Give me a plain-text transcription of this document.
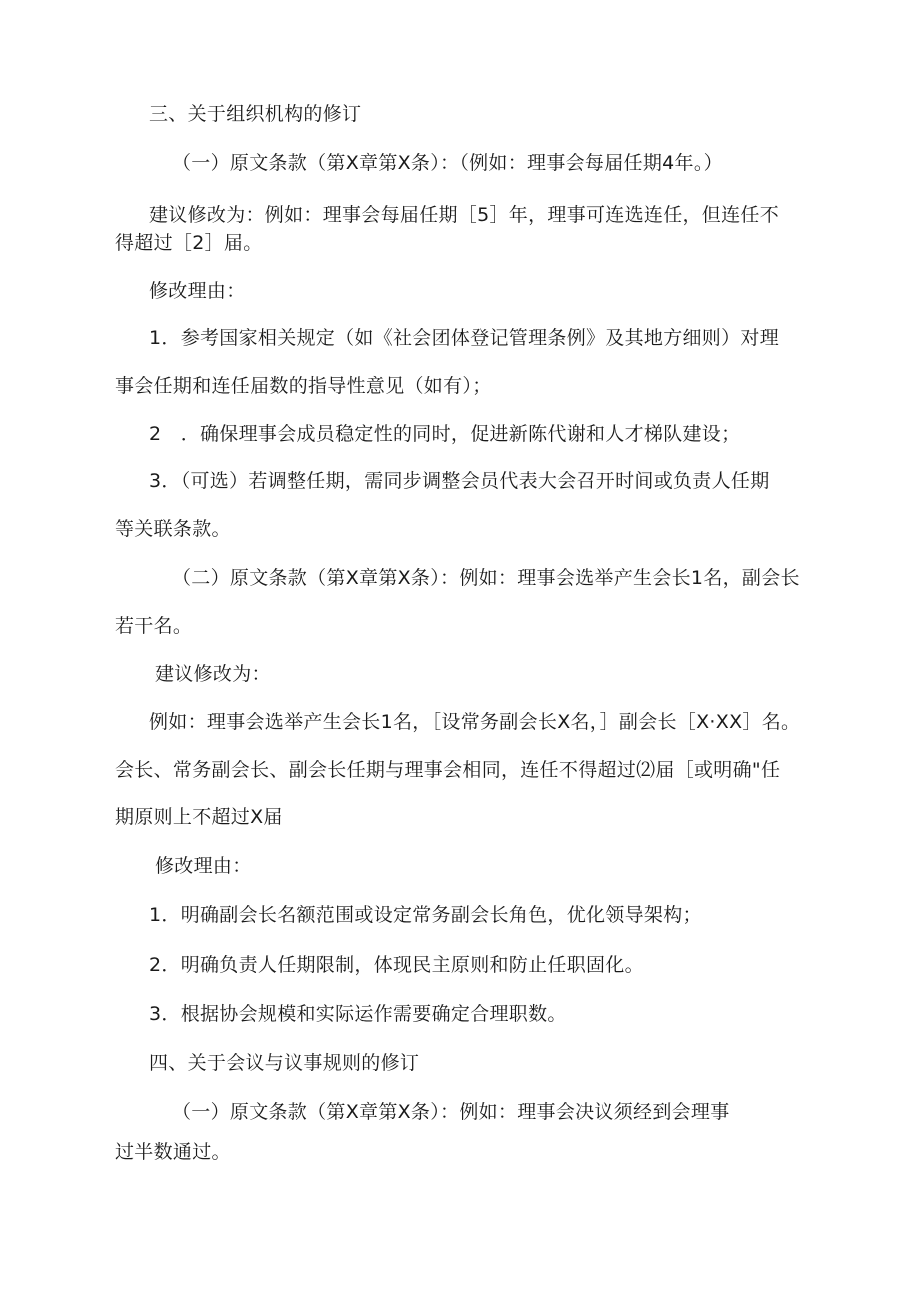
三、关于组织机构的修订
（一）原文条款（第X章第X条）：（例如：理事会每届任期4年。）
建议修改为：例如：理事会每届任期［5］年，理事可连选连任，但连任不
得超过［2］届。
修改理由：
1．参考国家相关规定（如《社会团体登记管理条例》及其地方细则）对理
事会任期和连任届数的指导性意见（如有）；
2　．确保理事会成员稳定性的同时，促进新陈代谢和人才梯队建设；
3．（可选）若调整任期，需同步调整会员代表大会召开时间或负责人任期
等关联条款。
（二）原文条款（第X章第X条）：例如：理事会选举产生会长1名，副会长
若干名。
建议修改为：
例如：理事会选举产生会长1名，［设常务副会长X名，］副会长［X·XX］名。
会长、常务副会长、副会长任期与理事会相同，连任不得超过⑵届［或明确"任
期原则上不超过X届
修改理由：
1．明确副会长名额范围或设定常务副会长角色，优化领导架构；
2．明确负责人任期限制，体现民主原则和防止任职固化。
3．根据协会规模和实际运作需要确定合理职数。
四、关于会议与议事规则的修订
（一）原文条款（第X章第X条）：例如：理事会决议须经到会理事
过半数通过。
